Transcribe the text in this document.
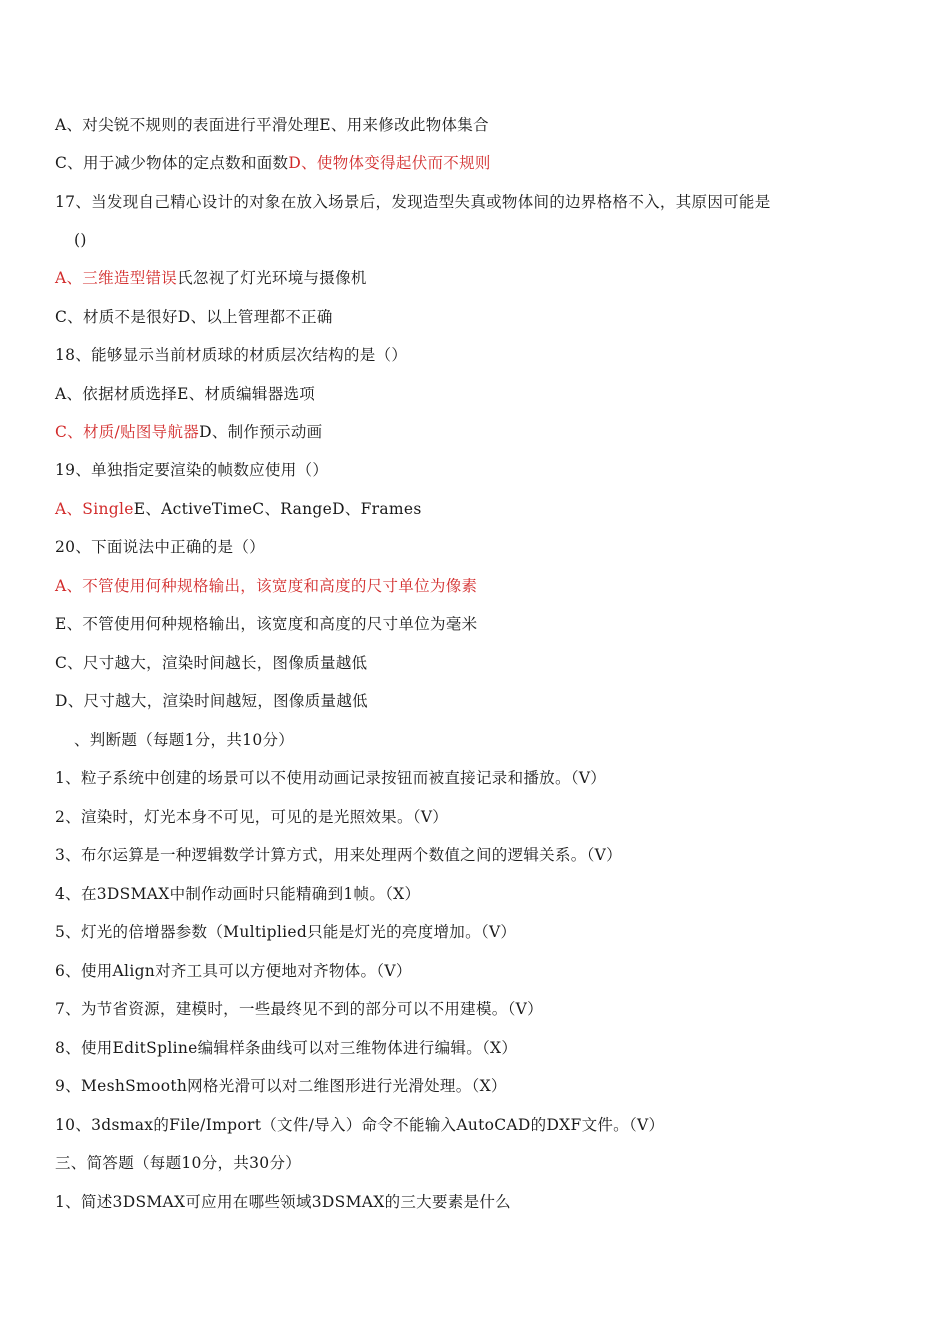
A、对尖锐不规则的表面进行平滑处理E、用来修改此物体集合
C、用于减少物体的定点数和面数D、使物体变得起伏而不规则
17、当发现自己精心设计的对象在放入场景后，发现造型失真或物体间的边界格格不入，其原因可能是
()
A、三维造型错误氏忽视了灯光环境与摄像机
C、材质不是很好D、以上管理都不正确
18、能够显示当前材质球的材质层次结构的是（）
A、依据材质选择E、材质编辑器选项
C、材质/贴图导航器D、制作预示动画
19、单独指定要渲染的帧数应使用（）
A、SingleE、ActiveTimeC、RangeD、Frames
20、下面说法中正确的是（）
A、不管使用何种规格输出，该宽度和高度的尺寸单位为像素
E、不管使用何种规格输出，该宽度和高度的尺寸单位为毫米
C、尺寸越大，渲染时间越长，图像质量越低
D、尺寸越大，渲染时间越短，图像质量越低
、判断题（每题1分，共10分）
1、粒子系统中创建的场景可以不使用动画记录按钮而被直接记录和播放。（V）
2、渲染时，灯光本身不可见，可见的是光照效果。（V）
3、布尔运算是一种逻辑数学计算方式，用来处理两个数值之间的逻辑关系。（V）
4、在3DSMAX中制作动画时只能精确到1帧。（X）
5、灯光的倍增器参数（Multiplied只能是灯光的亮度增加。（V）
6、使用Align对齐工具可以方便地对齐物体。（V）
7、为节省资源，建模时，一些最终见不到的部分可以不用建模。（V）
8、使用EditSpline编辑样条曲线可以对三维物体进行编辑。（X）
9、MeshSmooth网格光滑可以对二维图形进行光滑处理。（X）
10、3dsmax的File/Import（文件/导入）命令不能输入AutoCAD的DXF文件。（V）
三、简答题（每题10分，共30分）
1、简述3DSMAX可应用在哪些领域3DSMAX的三大要素是什么
